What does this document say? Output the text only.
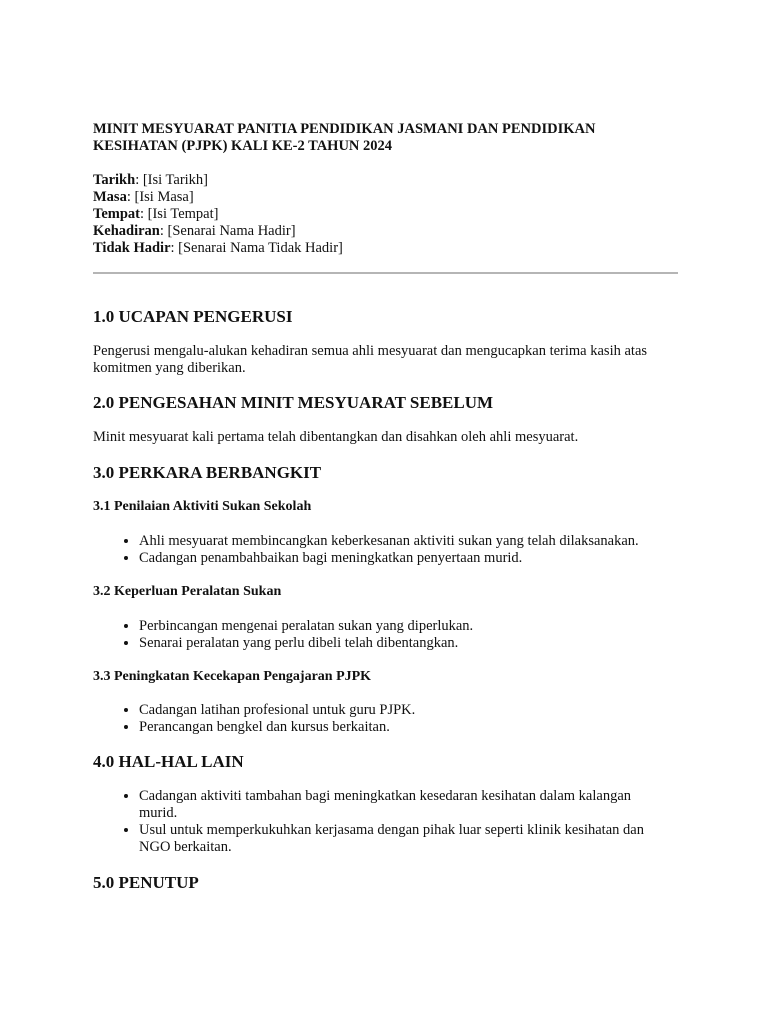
MINIT MESYUARAT PANITIA PENDIDIKAN JASMANI DAN PENDIDIKAN KESIHATAN (PJPK) KALI KE-2 TAHUN 2024
Tarikh: [Isi Tarikh]
Masa: [Isi Masa]
Tempat: [Isi Tempat]
Kehadiran: [Senarai Nama Hadir]
Tidak Hadir: [Senarai Nama Tidak Hadir]
1.0 UCAPAN PENGERUSI

Pengerusi mengalu-alukan kehadiran semua ahli mesyuarat dan mengucapkan terima kasih atas komitmen yang diberikan.

2.0 PENGESAHAN MINIT MESYUARAT SEBELUM

Minit mesyuarat kali pertama telah dibentangkan dan disahkan oleh ahli mesyuarat.

3.0 PERKARA BERBANGKIT
3.1 Penilaian Aktiviti Sukan Sekolah
• Ahli mesyuarat membincangkan keberkesanan aktiviti sukan yang telah dilaksanakan.
• Cadangan penambahbaikan bagi meningkatkan penyertaan murid.
3.2 Keperluan Peralatan Sukan
• Perbincangan mengenai peralatan sukan yang diperlukan.
• Senarai peralatan yang perlu dibeli telah dibentangkan.
3.3 Peningkatan Kecekapan Pengajaran PJPK
• Cadangan latihan profesional untuk guru PJPK.
• Perancangan bengkel dan kursus berkaitan.
4.0 HAL-HAL LAIN
• Cadangan aktiviti tambahan bagi meningkatkan kesedaran kesihatan dalam kalangan murid.
• Usul untuk memperkukuhkan kerjasama dengan pihak luar seperti klinik kesihatan dan NGO berkaitan.
5.0 PENUTUP
